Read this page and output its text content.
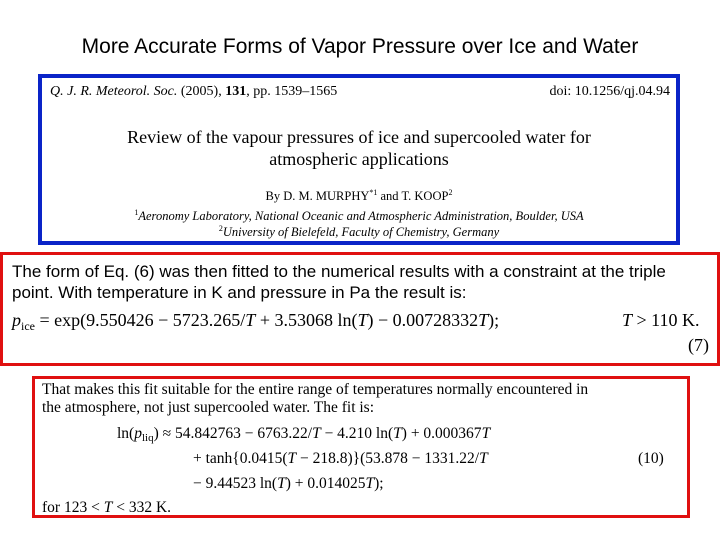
More Accurate Forms of Vapor Pressure over Ice and Water
Q. J. R. Meteorol. Soc. (2005), 131, pp. 1539–1565	doi: 10.1256/qj.04.94
Review of the vapour pressures of ice and supercooled water for
atmospheric applications
By D. M. MURPHY$^{*1}$ and T. KOOP$^2$
$^1$Aeronomy Laboratory, National Oceanic and Atmospheric Administration, Boulder, USA
$^2$University of Bielefeld, Faculty of Chemistry, Germany
The form of Eq. (6) was then fitted to the numerical results with a constraint at the triple
point. With temperature in K and pressure in Pa the result is:
$p_{ice} = \exp(9.550426 - 5723.265/T + 3.53068$ ln(T) − 0.00728332T);	T > 110 K.
(7)
That makes this fit suitable for the entire range of temperatures normally encountered in
the atmosphere, not just supercooled water. The fit is:
ln(pliq) ≈ 54.842763 − 6763.22/T − 4.210 ln(T) + 0.000367T
+ tanh{0.0415(T − 218.8)}(53.878 − 1331.22/T
− 9.44523 ln(T) + 0.014025T);
(10)
for 123 < T < 332 K.
